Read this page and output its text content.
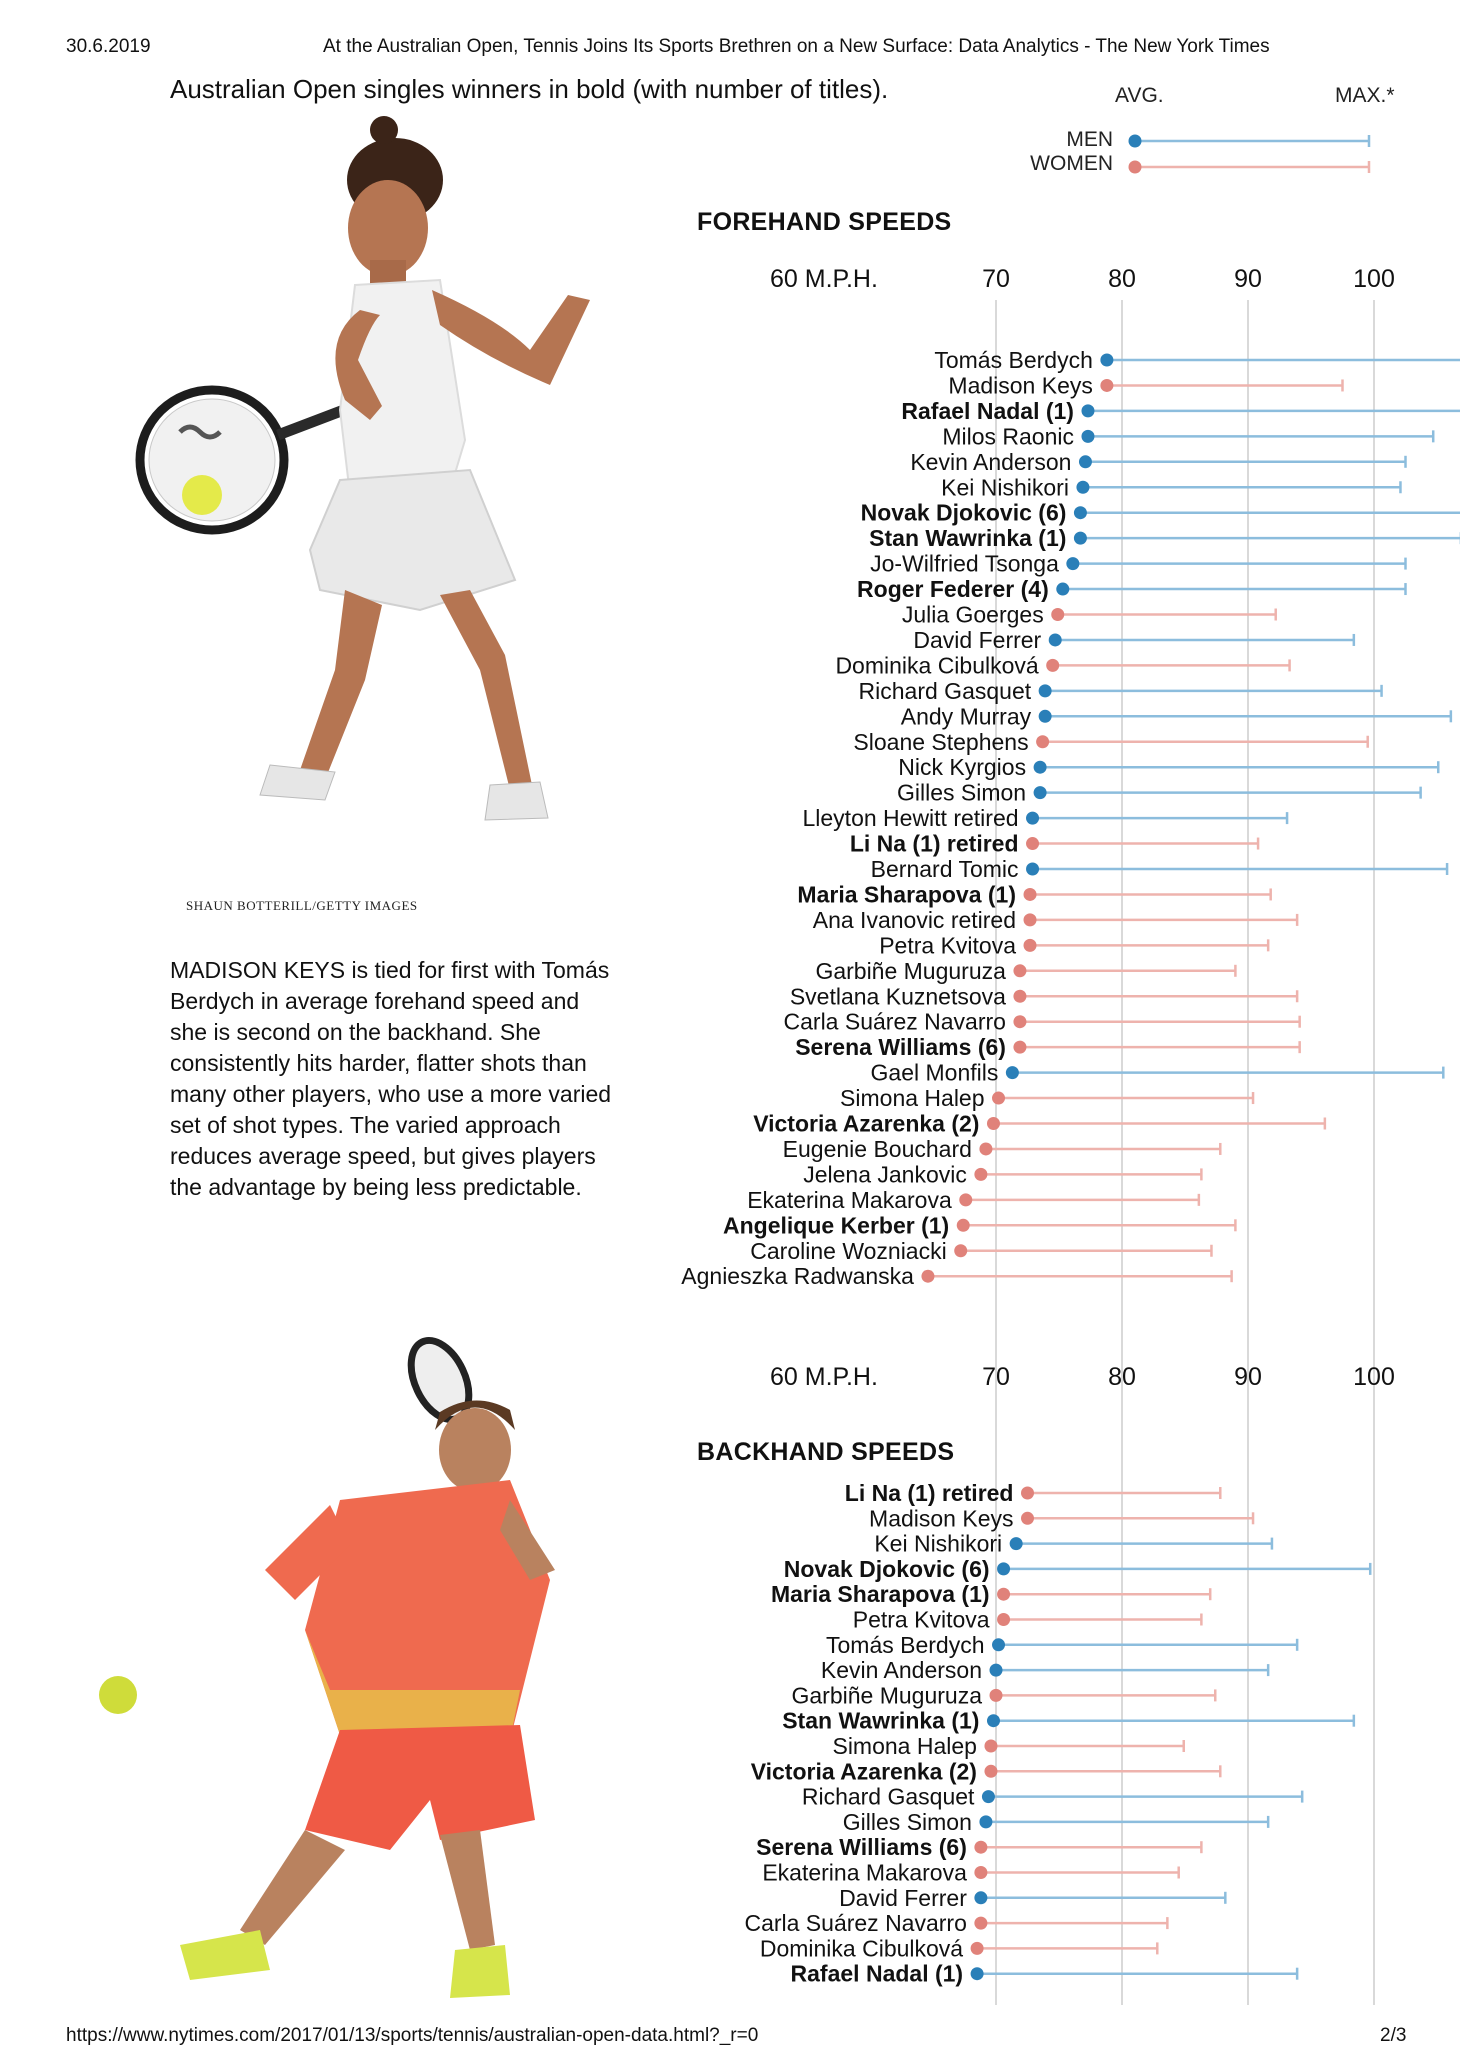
30.6.2019	At the Australian Open, Tennis Joins Its Sports Brethren on a New Surface: Data Analytics - The New York Times
https://www.nytimes.com/2017/01/13/sports/tennis/australian-open-data.html?_r=0	2/3
Australian Open singles winners in bold (with number of titles).	AVG.	MAX.*
MEN
WOMEN
FOREHAND SPEEDS
BACKHAND SPEEDS
SHAUN BOTTERILL/GETTY IMAGES
MADISON KEYS is tied for first with Tomás Berdych in average forehand speed and she is second on the backhand. She consistently hits harder, flatter shots than many other players, who use a more varied set of shot types. The varied approach reduces average speed, but gives players the advantage by being less predictable.
60 M.P.H.	70	80	90	100
60 M.P.H.	70	80	90	100
Tomás Berdych
Madison Keys
Rafael Nadal (1)
Milos Raonic
Kevin Anderson
Kei Nishikori
Novak Djokovic (6)
Stan Wawrinka (1)
Jo-Wilfried Tsonga
Roger Federer (4)
Julia Goerges
David Ferrer
Dominika Cibulková
Richard Gasquet
Andy Murray
Sloane Stephens
Nick Kyrgios
Gilles Simon
Lleyton Hewitt retired
Li Na (1) retired
Bernard Tomic
Maria Sharapova (1)
Ana Ivanovic retired
Petra Kvitova
Garbiñe Muguruza
Svetlana Kuznetsova
Carla Suárez Navarro
Serena Williams (6)
Gael Monfils
Simona Halep
Victoria Azarenka (2)
Eugenie Bouchard
Jelena Jankovic
Ekaterina Makarova
Angelique Kerber (1)
Caroline Wozniacki
Agnieszka Radwanska
Li Na (1) retired
Madison Keys
Kei Nishikori
Novak Djokovic (6)
Maria Sharapova (1)
Petra Kvitova
Tomás Berdych
Kevin Anderson
Garbiñe Muguruza
Stan Wawrinka (1)
Simona Halep
Victoria Azarenka (2)
Richard Gasquet
Gilles Simon
Serena Williams (6)
Ekaterina Makarova
David Ferrer
Carla Suárez Navarro
Dominika Cibulková
Rafael Nadal (1)
